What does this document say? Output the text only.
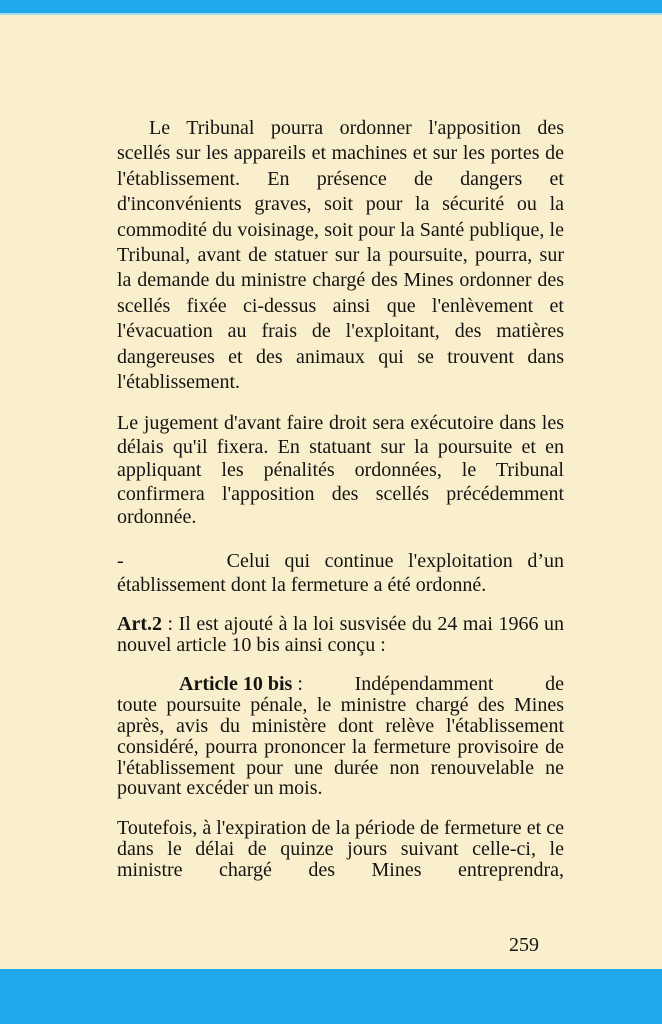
Le Tribunal pourra ordonner l'apposition des scellés sur les appareils et machines et sur les portes de l'établissement. En présence de dangers et d'inconvénients graves, soit pour la sécurité ou la commodité du voisinage, soit pour la Santé publique, le Tribunal, avant de statuer sur la poursuite, pourra, sur la demande du ministre chargé des Mines ordonner des scellés fixée ci-dessus ainsi que l'enlèvement et l'évacuation au frais de l'exploitant, des matières dangereuses et des animaux qui se trouvent dans l'établissement.

Le jugement d'avant faire droit sera exécutoire dans les délais qu'il fixera. En statuant sur la poursuite et en appliquant les pénalités ordonnées, le Tribunal confirmera l'apposition des scellés précédemment ordonnée.

-	Celui qui continue l'exploitation d’un établissement dont la fermeture a été ordonné.

Art.2 : Il est ajouté à la loi susvisée du 24 mai 1966 un nouvel article 10 bis ainsi conçu :

Article 10 bis :	Indépendamment	de
toute poursuite pénale, le ministre chargé des Mines après, avis du ministère dont relève l'établissement considéré, pourra prononcer la fermeture provisoire de l'établissement pour une durée non renouvelable ne pouvant excéder un mois.

Toutefois, à l'expiration de la période de fermeture et ce dans le délai de quinze jours suivant celle-ci, le ministre chargé des Mines entreprendra,

259
